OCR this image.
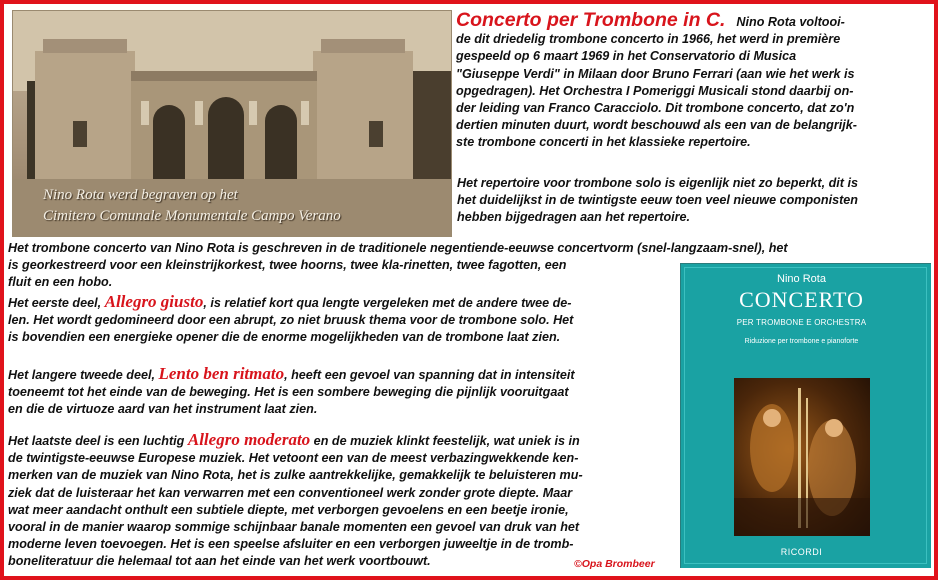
Nino Rota werd begraven op het
Cimitero Comunale Monumentale Campo Verano
Concerto per Trombone in C. Nino Rota voltooi-
de dit driedelig trombone concerto in 1966, het werd in première
gespeeld op 6 maart 1969 in het Conservatorio di Musica
"Giuseppe Verdi" in Milaan door Bruno Ferrari (aan wie het werk is
opgedragen). Het Orchestra I Pomeriggi Musicali stond daarbij on-
der leiding van Franco Caracciolo. Dit trombone concerto, dat zo'n
dertien minuten duurt, wordt beschouwd als een van de belangrijk-
ste trombone concerti in het klassieke repertoire.
Het repertoire voor trombone solo is eigenlijk niet zo beperkt, dit is
het duidelijkst in de twintigste eeuw toen veel nieuwe componisten
hebben bijgedragen aan het repertoire.
Het trombone concerto van Nino Rota is geschreven in de traditionele negentiende-eeuwse concertvorm (snel-langzaam-snel), het
is georkestreerd voor een kleinstrijkorkest, twee hoorns, twee kla-rinetten, twee fagotten, een
fluit en een hobo.
Het eerste deel, Allegro giusto, is relatief kort qua lengte vergeleken met de andere twee de-
len. Het wordt gedomineerd door een abrupt, zo niet bruusk thema voor de trombone solo. Het
is bovendien een energieke opener die de enorme mogelijkheden van de trombone laat zien.
Het langere tweede deel, Lento ben ritmato, heeft een gevoel van spanning dat in intensiteit
toeneemt tot het einde van de beweging. Het is een sombere beweging die pijnlijk vooruitgaat
en die de virtuoze aard van het instrument laat zien.
Het laatste deel is een luchtig Allegro moderato en de muziek klinkt feestelijk, wat uniek is in
de twintigste-eeuwse Europese muziek. Het vetoont een van de meest verbazingwekkende ken-
merken van de muziek van Nino Rota, het is zulke aantrekkelijke, gemakkelijk te beluisteren mu-
ziek dat de luisteraar het kan verwarren met een conventioneel werk zonder grote diepte. Maar
wat meer aandacht onthult een subtiele diepte, met verborgen gevoelens en een beetje ironie,
vooral in de manier waarop sommige schijnbaar banale momenten een gevoel van druk van het
moderne leven toevoegen. Het is een speelse afsluiter en een verborgen juweeltje in de tromb-
boneliteratuur die helemaal tot aan het einde van het werk voortbouwt.
Nino Rota
CONCERTO
PER TROMBONE E ORCHESTRA
Riduzione per trombone e pianoforte
RICORDI
©Opa Brombeer
